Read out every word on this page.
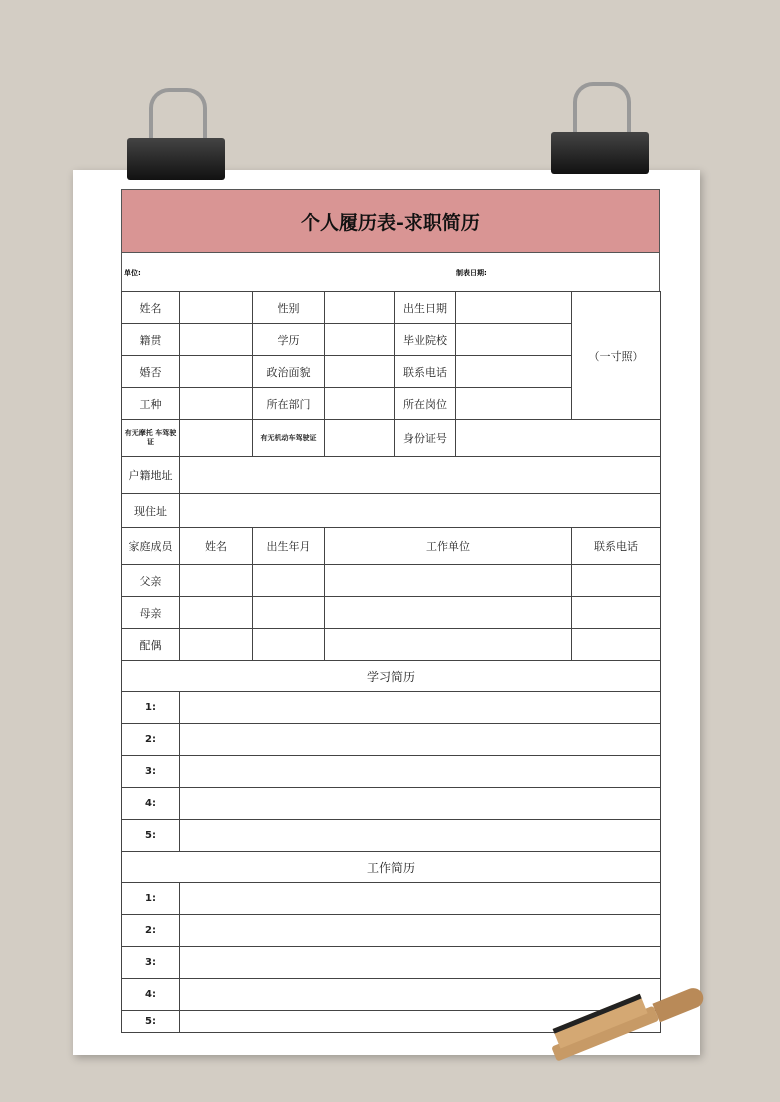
个人履历表-求职简历
单位:	制表日期:
姓名		性别		出生日期		（一寸照）
籍贯		学历		毕业院校		
婚否		政治面貌		联系电话		
工种		所在部门		所在岗位		
有无摩托 车驾驶证		有无机动车驾驶证		身份证号		
户籍地址						
现住址						
家庭成员	姓名	出生年月	工作单位			联系电话
父亲						
母亲						
配偶						
学习简历						
1:						
2:						
3:						
4:						
5:						
工作简历						
1:						
2:						
3:						
4:						
5:						
